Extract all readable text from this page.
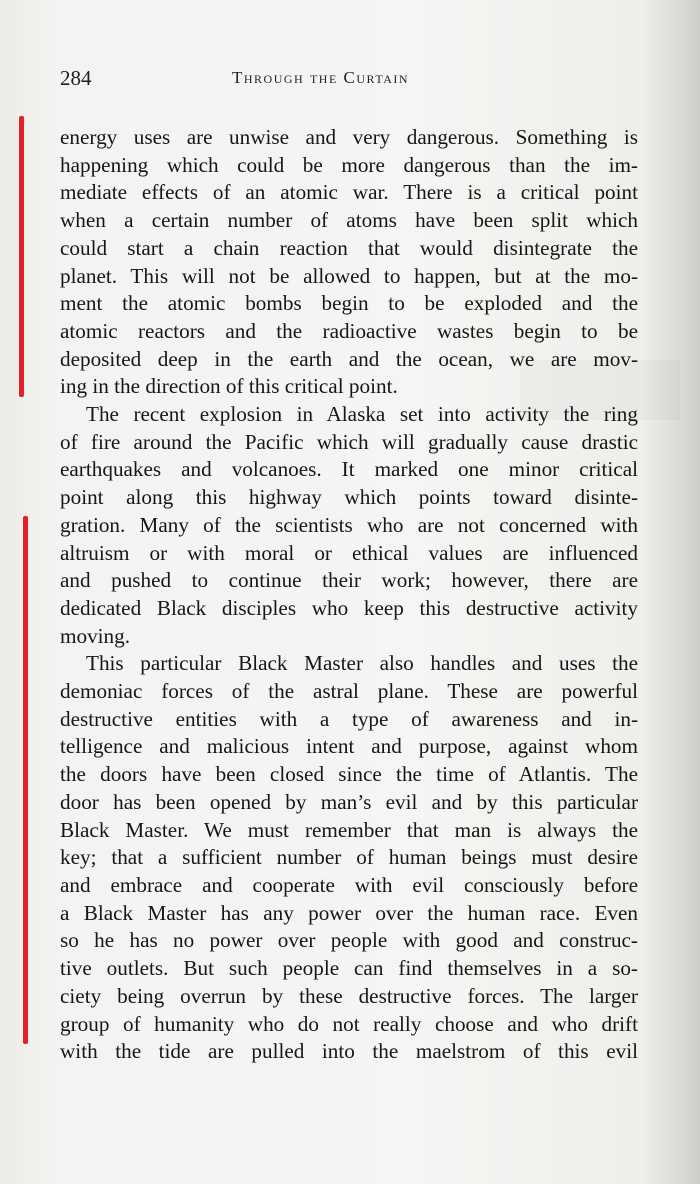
284	Through the Curtain

energy uses are unwise and very dangerous. Something is
happening which could be more dangerous than the im-
mediate effects of an atomic war. There is a critical point
when a certain number of atoms have been split which
could start a chain reaction that would disintegrate the
planet. This will not be allowed to happen, but at the mo-
ment the atomic bombs begin to be exploded and the
atomic reactors and the radioactive wastes begin to be
deposited deep in the earth and the ocean, we are mov-
ing in the direction of this critical point.

The recent explosion in Alaska set into activity the ring
of fire around the Pacific which will gradually cause drastic
earthquakes and volcanoes. It marked one minor critical
point along this highway which points toward disinte-
gration. Many of the scientists who are not concerned with
altruism or with moral or ethical values are influenced
and pushed to continue their work; however, there are
dedicated Black disciples who keep this destructive activity
moving.

This particular Black Master also handles and uses the
demoniac forces of the astral plane. These are powerful
destructive entities with a type of awareness and in-
telligence and malicious intent and purpose, against whom
the doors have been closed since the time of Atlantis. The
door has been opened by man’s evil and by this particular
Black Master. We must remember that man is always the
key; that a sufficient number of human beings must desire
and embrace and cooperate with evil consciously before
a Black Master has any power over the human race. Even
so he has no power over people with good and construc-
tive outlets. But such people can find themselves in a so-
ciety being overrun by these destructive forces. The larger
group of humanity who do not really choose and who drift
with the tide are pulled into the maelstrom of this evil
